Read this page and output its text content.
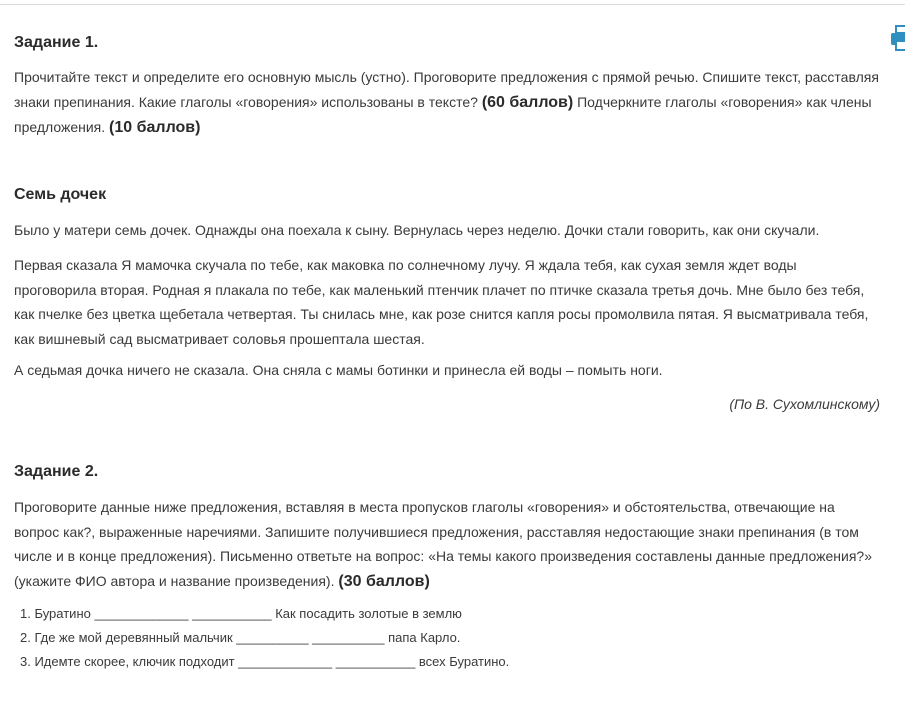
Задание 1.

Прочитайте текст и определите его основную мысль (устно). Проговорите предложения с прямой речью. Спишите текст, расставляя знаки препинания. Какие глаголы «говорения» использованы в тексте? (60 баллов) Подчеркните глаголы «говорения» как члены предложения. (10 баллов)

Семь дочек

Было у матери семь дочек. Однажды она поехала к сыну. Вернулась через неделю. Дочки стали говорить, как они скучали.

Первая сказала Я мамочка скучала по тебе, как маковка по солнечному лучу. Я ждала тебя, как сухая земля ждет воды проговорила вторая. Родная я плакала по тебе, как маленький птенчик плачет по птичке сказала третья дочь. Мне было без тебя, как пчелке без цветка щебетала четвертая. Ты снилась мне, как розе снится капля росы промолвила пятая. Я высматривала тебя, как вишневый сад высматривает соловья прошептала шестая.

А седьмая дочка ничего не сказала. Она сняла с мамы ботинки и принесла ей воды – помыть ноги.

(По В. Сухомлинскому)

Задание 2.

Проговорите данные ниже предложения, вставляя в места пропусков глаголы «говорения» и обстоятельства, отвечающие на вопрос как?, выраженные наречиями. Запишите получившиеся предложения, расставляя недостающие знаки препинания (в том числе и в конце предложения). Письменно ответьте на вопрос: «На темы какого произведения составлены данные предложения?» (укажите ФИО автора и название произведения). (30 баллов)

1. Буратино _____________ ___________ Как посадить золотые в землю
2. Где же мой деревянный мальчик __________ __________ папа Карло.
3. Идемте скорее, ключик подходит _____________ ___________ всех Буратино.
